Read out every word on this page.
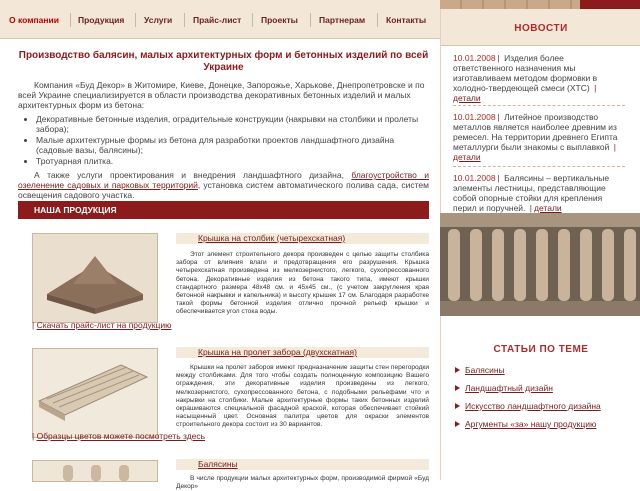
О компании	Продукция	Услуги	Прайс-лист	Проекты	Партнерам	Контакты
Производство балясин, малых архитектурных форм и бетонных изделий по всей Украине

Компания «Буд Декор» в Житомире, Киеве, Донецке, Запорожье, Харькове, Днепропетровске и по всей Украине специализируется в области производства декоративных бетонных изделий и малых архитектурных форм из бетона:

• Декоративные бетонные изделия, оградительные конструкции (накрывки на столбики и пролеты забора);
• Малые архитектурные формы из бетона для разработки проектов ландшафтного дизайна (садовые вазы, балясины);
• Тротуарная плитка.

А также услуги проектирования и внедрения ландшафтного дизайна, благоустройство и озеленение садовых и парковых территорий, установка систем автоматического полива сада, систем освещения садового участка.

НАША ПРОДУКЦИЯ
Крышка на столбик (четырехскатная)
Этот элемент строительного декора произведен с целью защиты столбика забора от влияния влаги и предотвращения его разрушения. Крышка четырехскатная произведена из мелкозернистого, легкого, сухопрессованного бетона. Декоративные изделия из бетона такого типа, имеют крышки стандартного размера 48х48 см. и 45х45 см., (с учетом закругления края бетонной накрывки и капельника) и высоту крышек 17 см. Благодаря разработке такой формы бетонной изделия отлично прочной рельеф крышки и обеспечивается угол стока воды.
| Скачать прайс-лист на продукцию
Крышка на пролет забора (двухскатная)
Крышки на пролет заборов имеют предназначение защиты стен перегородки между столбиками. Для того чтобы создать полноценную композицию Вашего ограждения, эти декоративные изделия произведены из легкого, мелкозернистого, сухопрессованного бетона, с подобными рельефами что и накрывки на столбики. Малые архитектурные формы таких бетонных изделий окрашиваются специальной фасадной краской, которая обеспечивает стойкий насыщенный цвет. Основная палитра цветов для окраски элементов строительного декора состоит из 30 вариантов.
| Образцы цветов можете посмотреть здесь
Балясины
В числе продукции малых архитектурных форм, производимой фирмой «Буд Декор»
НОВОСТИ
10.01.2008 | Изделия более ответственного назначения мы изготавливаем методом формовки в холодно-твердеющей смеси (ХТС) |детали
10.01.2008 | Литейное производство металлов является наиболее древним из ремесел. На территории древнего Египта металлурги были знакомы с выплавкой |детали
10.01.2008 | Балясины – вертикальные элементы лестницы, представляющие собой опорные стойки для крепления перил и поручней. | детали
СТАТЬИ ПО ТЕМЕ
Балясины
Ландшафтный дизайн
Искусство ландшафтного дизайна
Аргументы «за» нашу продукцию
